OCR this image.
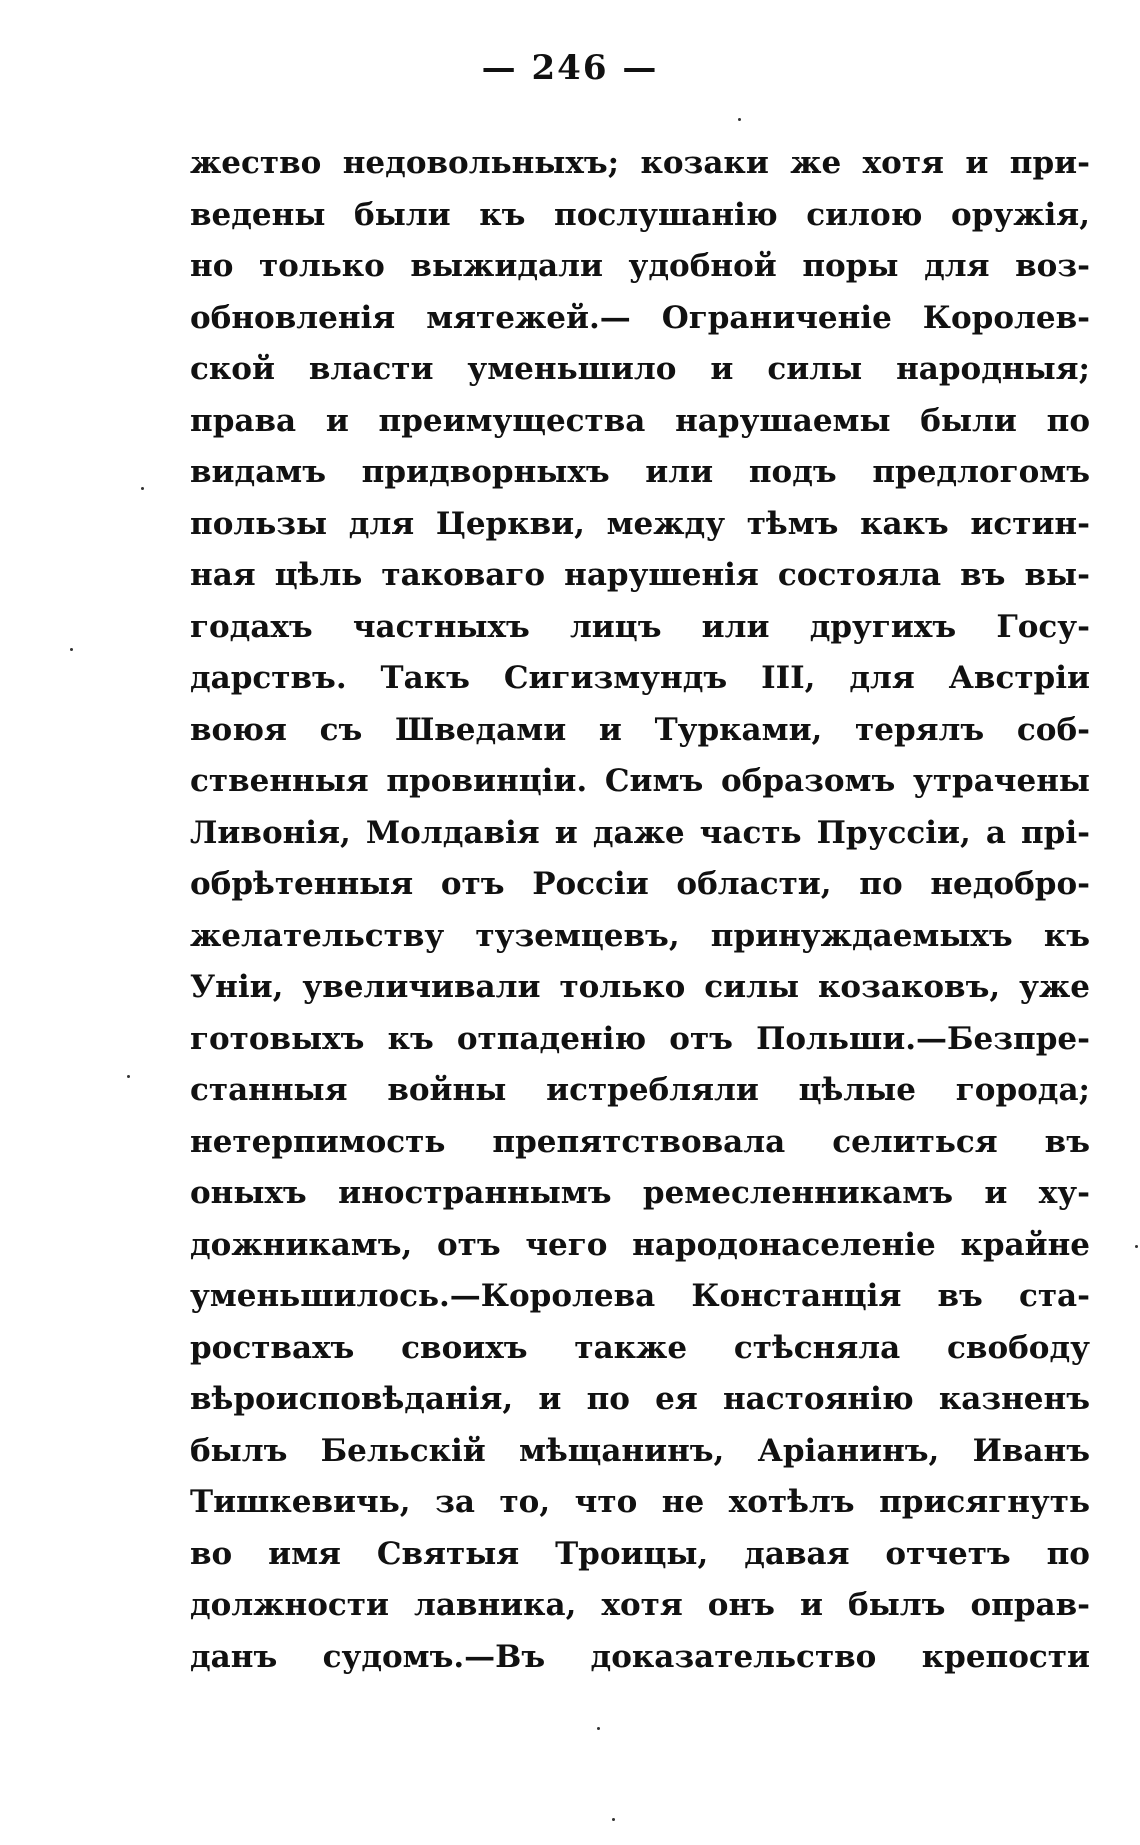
— 246 —
жество недовольныхъ; козаки же хотя и при-
ведены были къ послушанію силою оружія,
но только выжидали удобной поры для воз-
обновленія мятежей.— Ограниченіе Королев-
ской власти уменьшило и силы народныя;
права и преимущества нарушаемы были по
видамъ придворныхъ или подъ предлогомъ
пользы для Церкви, между тѣмъ какъ истин-
ная цѣль таковаго нарушенія состояла въ вы-
годахъ частныхъ лицъ или другихъ Госу-
дарствъ. Такъ Сигизмундъ III, для Австріи
воюя съ Шведами и Турками, терялъ соб-
ственныя провинціи. Симъ образомъ утрачены
Ливонія, Молдавія и даже часть Пруссіи, а прі-
обрѣтенныя отъ Россіи области, по недобро-
желательству туземцевъ, принуждаемыхъ къ
Уніи, увеличивали только силы козаковъ, уже
готовыхъ къ отпаденію отъ Польши.—Безпре-
станныя войны истребляли цѣлые города;
нетерпимость препятствовала селиться въ
оныхъ иностраннымъ ремесленникамъ и ху-
дожникамъ, отъ чего народонаселеніе крайне
уменьшилось.—Королева Констанція въ ста-
роствахъ своихъ также стѣсняла свободу
вѣроисповѣданія, и по ея настоянію казненъ
былъ Бельскій мѣщанинъ, Аріанинъ, Иванъ
Тишкевичь, за то, что не хотѣлъ присягнуть
во имя Святыя Троицы, давая отчетъ по
должности лавника, хотя онъ и былъ оправ-
данъ судомъ.—Въ доказательство крепости
